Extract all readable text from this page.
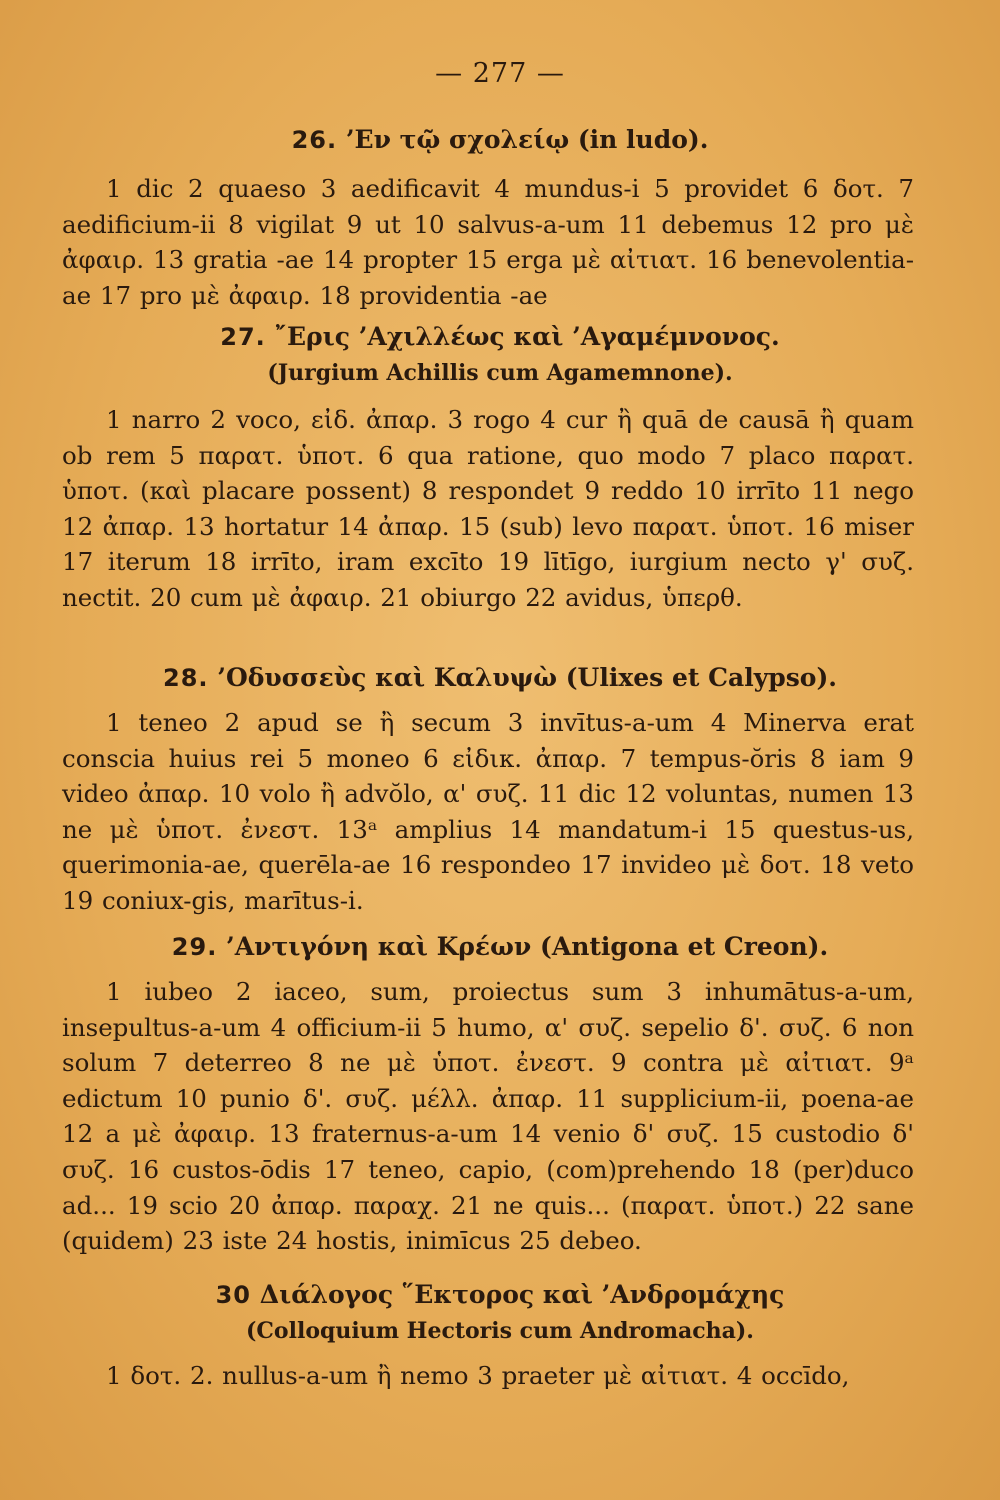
— 277 —
26. ’Εν τῷ σχολείῳ (in ludo).
1 dic 2 quaeso 3 aedificavit 4 mundus-i 5 providet 6 δοτ. 7 aedificium-ii 8 vigilat 9 ut 10 salvus-a-um 11 debemus 12 pro μὲ ἀφαιρ. 13 gratia -ae 14 propter 15 erga μὲ αἰτιατ. 16 benevolentia-ae 17 pro μὲ ἀφαιρ. 18 providentia -ae
27. ῎Ερις ’Αχιλλέως καὶ ’Αγαμέμνονος.
(Jurgium Achillis cum Agamemnone).
1 narro 2 voco, εἰδ. ἀπαρ. 3 rogo 4 cur ἢ quā de causā ἢ quam ob rem 5 παρατ. ὑποτ. 6 qua ratione, quo modo 7 placo παρατ. ὑποτ. (καὶ placare possent) 8 respondet 9 reddo 10 irrīto 11 nego 12 ἀπαρ. 13 hortatur 14 ἀπαρ. 15 (sub) levo παρατ. ὑποτ. 16 miser 17 iterum 18 irrīto, iram excīto 19 lītīgo, iurgium necto γ' συζ. nectit. 20 cum μὲ ἀφαιρ. 21 obiurgo 22 avidus, ὑπερθ.
28. ’Οδυσσεὺς καὶ Καλυψὼ (Ulixes et Calypso).
1 teneo 2 apud se ἢ secum 3 invītus-a-um 4 Minerva erat conscia huius rei 5 moneo 6 εἰδικ. ἀπαρ. 7 tempus-ŏris 8 iam 9 video ἀπαρ. 10 volo ἢ advŏlo, α' συζ. 11 dic 12 voluntas, numen 13 ne μὲ ὑποτ. ἐνεστ. 13ᵃ amplius 14 mandatum-i 15 questus-us, querimonia-ae, querēla-ae 16 respondeo 17 invideo μὲ δοτ. 18 veto 19 coniux-gis, marītus-i.
29. ’Αντιγόνη καὶ Κρέων (Antigona et Creon).
1 iubeo 2 iaceo, sum, proiectus sum 3 inhumātus-a-um, insepultus-a-um 4 officium-ii 5 humo, α' συζ. sepelio δ'. συζ. 6 non solum 7 deterreo 8 ne μὲ ὑποτ. ἐνεστ. 9 contra μὲ αἰτιατ. 9ᵃ edictum 10 punio δ'. συζ. μέλλ. ἀπαρ. 11 supplicium-ii, poena-ae 12 a μὲ ἀφαιρ. 13 fraternus-a-um 14 venio δ' συζ. 15 custodio δ' συζ. 16 custos-ōdis 17 teneo, capio, (com)prehendo 18 (per)duco ad... 19 scio 20 ἀπαρ. παραχ. 21 ne quis... (παρατ. ὑποτ.) 22 sane (quidem) 23 iste 24 hostis, inimīcus 25 debeo.
30 Διάλογος ῞Εκτορος καὶ ’Ανδρομάχης
(Colloquium Hectoris cum Andromacha).
1 δοτ. 2. nullus-a-um ἢ nemo 3 praeter μὲ αἰτιατ. 4 occīdo,
